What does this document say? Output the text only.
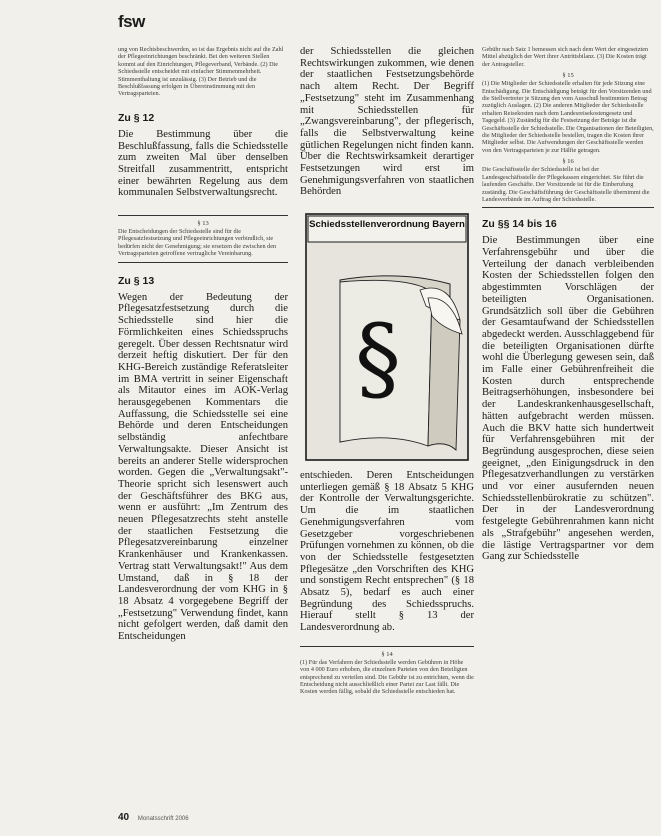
fsw

ung von Rechtsbeschwerden, so ist das Ergebnis nicht auf die Zahl der Pflegeeinrichtungen beschränkt. Bei den weiteren Stellen kommt auf den Einrichtungen, Pflegeverband, Verbände. (2) Die Schiedsstelle entscheidet mit einfacher Stimmenmehrheit. Stimmenthaltung ist unzulässig. (3) Der Betrieb und die Beschlußfassung erfolgen in Übereinstimmung mit den Vertragsparteien.

Zu § 12

Die Bestimmung über die Beschlußfassung, falls die Schiedsstelle zum zweiten Mal über denselben Streitfall zusammentritt, entspricht einer bewährten Regelung aus dem kommunalen Selbstverwaltungsrecht.

§ 13

Die Entscheidungen der Schiedsstelle sind für die Pflegesatzfestsetzung und Pflegeeinrichtungen verbindlich, sie bedürfen nicht der Genehmigung; sie ersetzen die zwischen den Vertragsparteien getroffene vertragliche Vereinbarung.

Zu § 13

Wegen der Bedeutung der Pflegesatzfestsetzung durch die Schiedsstelle sind hier die Förmlichkeiten eines Schiedsspruchs geregelt. Über dessen Rechtsnatur wird derzeit heftig diskutiert. Der für den KHG-Bereich zuständige Referatsleiter im BMA vertritt in seiner Eigenschaft als Mitautor eines im AOK-Verlag herausgegebenen Kommentars die Auffassung, die Schiedsstelle sei eine Behörde und deren Entscheidungen selbständig anfechtbare Verwaltungsakte. Dieser Ansicht ist bereits an anderer Stelle widersprochen worden. Gegen die „Verwaltungsakt"-Theorie spricht sich lesenswert auch der Geschäftsführer des BKG aus, wenn er ausführt: „Im Zentrum des neuen Pflegesatzrechts steht anstelle der staatlichen Festsetzung die Pflegesatzvereinbarung einzelner Krankenhäuser und Krankenkassen. Vertrag statt Verwaltungsakt!" Aus dem Umstand, daß in § 18 der Landesverordnung der vom KHG in § 18 Absatz 4 vorgegebene Begriff der „Festsetzung" Verwendung findet, kann nicht gefolgert werden, daß damit den Entscheidungen

der Schiedsstellen die gleichen Rechtswirkungen zukommen, wie denen der staatlichen Festsetzungsbehörde nach altem Recht. Der Begriff „Festsetzung" steht im Zusammenhang mit Schiedsstellen für „Zwangsvereinbarung", der pflegerisch, falls die Selbstverwaltung keine gütlichen Regelungen nicht finden kann. Über die Rechtswirksamkeit derartiger Festsetzungen wird erst im Genehmigungsverfahren von staatlichen Behörden

Schiedsstellenverordnung Bayern
§

entschieden. Deren Entscheidungen unterliegen gemäß § 18 Absatz 5 KHG der Kontrolle der Verwaltungsgerichte. Um die im staatlichen Genehmigungsverfahren vom Gesetzgeber vorgeschriebenen Prüfungen vornehmen zu können, ob die von der Schiedsstelle festgesetzten Pflegesätze „den Vorschriften des KHG und sonstigem Recht entsprechen" (§ 18 Absatz 5), bedarf es auch einer Begründung des Schiedsspruchs. Hierauf stellt § 13 der Landesverordnung ab.

§ 14

(1) Für das Verfahren der Schiedsstelle werden Gebühren in Höhe von 4 000 Euro erhoben, die einzelnen Parteien von den Beteiligten entsprechend zu verteilen sind. Die Gebühr ist zu entrichten, wenn die Entscheidung nicht ausschließlich einer Partei zur Last fällt. Die Kosten werden fällig, sobald die Schiedsstelle entschieden hat.

Gebühr nach Satz 1 bemessen sich nach dem Wert der eingesetzten Mittel abzüglich der Wert ihrer Antrittsbilanz. (3) Die Kosten trägt der Antragsteller.

§ 15

(1) Die Mitglieder der Schiedsstelle erhalten für jede Sitzung eine Entschädigung. Die Entschädigung beträgt für den Vorsitzenden und die Stellvertreter je Sitzung den vom Ausschuß bestimmten Betrag zuzüglich Auslagen. (2) Die anderen Mitglieder der Schiedsstelle erhalten Reisekosten nach dem Landesreisekostengesetz und Tagegeld. (3) Zuständig für die Festsetzung der Beträge ist die Geschäftsstelle der Schiedsstelle. Die Organisationen der Beteiligten, die Mitglieder der Schiedsstelle bestellen, tragen die Kosten ihrer Mitglieder selbst. Die Aufwendungen der Geschäftsstelle werden von den Vertragsparteien je zur Hälfte getragen.

§ 16

Die Geschäftsstelle der Schiedsstelle ist bei der Landesgeschäftsstelle der Pflegekassen eingerichtet. Sie führt die laufenden Geschäfte. Der Vorsitzende ist für die Einberufung zuständig. Die Geschäftsführung der Geschäftsstelle übernimmt die Landesverbände im Auftrag der Schiedsstelle.

Zu §§ 14 bis 16

Die Bestimmungen über eine Verfahrensgebühr und über die Verteilung der danach verbleibenden Kosten der Schiedsstellen folgen den abgestimmten Vorschlägen der beteiligten Organisationen. Grundsätzlich soll über die Gebühren der Gesamtaufwand der Schiedsstellen abgedeckt werden. Ausschlaggebend für die beteiligten Organisationen dürfte wohl die Überlegung gewesen sein, daß im Falle einer Gebührenfreiheit die Kosten durch entsprechende Beitragserhöhungen, insbesondere bei der Landeskrankenhausgesellschaft, hätten aufgebracht werden müssen. Auch die BKV hatte sich hundertweit für Verfahrensgebühren mit der Begründung ausgesprochen, diese seien geeignet, „den Einigungsdruck in den Pflegesatzverhandlungen zu verstärken und vor einer ausufernden neuen Schiedsstellenbürokratie zu schützen". Der in der Landesverordnung festgelegte Gebührenrahmen kann nicht als „Strafgebühr" angesehen werden, die lästige Vertragspartner vor dem Gang zur Schiedsstelle

40 Monatsschrift 2006
